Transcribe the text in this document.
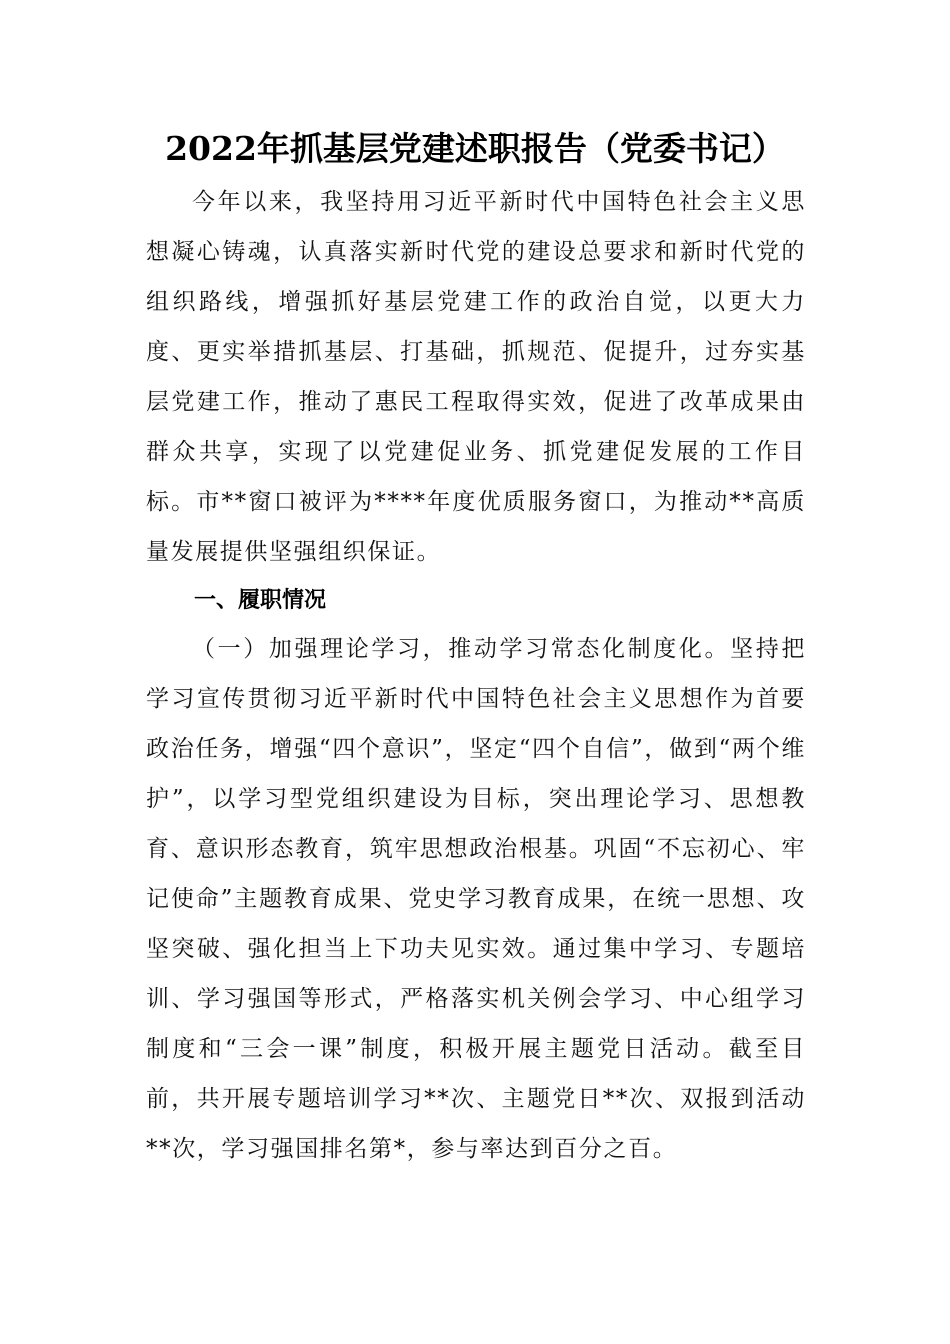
2022年抓基层党建述职报告（党委书记）

今年以来，我坚持用习近平新时代中国特色社会主义思想凝心铸魂，认真落实新时代党的建设总要求和新时代党的组织路线，增强抓好基层党建工作的政治自觉，以更大力度、更实举措抓基层、打基础，抓规范、促提升，过夯实基层党建工作，推动了惠民工程取得实效，促进了改革成果由群众共享，实现了以党建促业务、抓党建促发展的工作目标。市**窗口被评为****年度优质服务窗口，为推动**高质量发展提供坚强组织保证。

一、履职情况

（一）加强理论学习，推动学习常态化制度化。坚持把学习宣传贯彻习近平新时代中国特色社会主义思想作为首要政治任务，增强“四个意识”，坚定“四个自信”，做到“两个维护”，以学习型党组织建设为目标，突出理论学习、思想教育、意识形态教育，筑牢思想政治根基。巩固“不忘初心、牢记使命”主题教育成果、党史学习教育成果，在统一思想、攻坚突破、强化担当上下功夫见实效。通过集中学习、专题培训、学习强国等形式，严格落实机关例会学习、中心组学习制度和“三会一课”制度，积极开展主题党日活动。截至目前，共开展专题培训学习**次、主题党日**次、双报到活动**次，学习强国排名第*，参与率达到百分之百。
